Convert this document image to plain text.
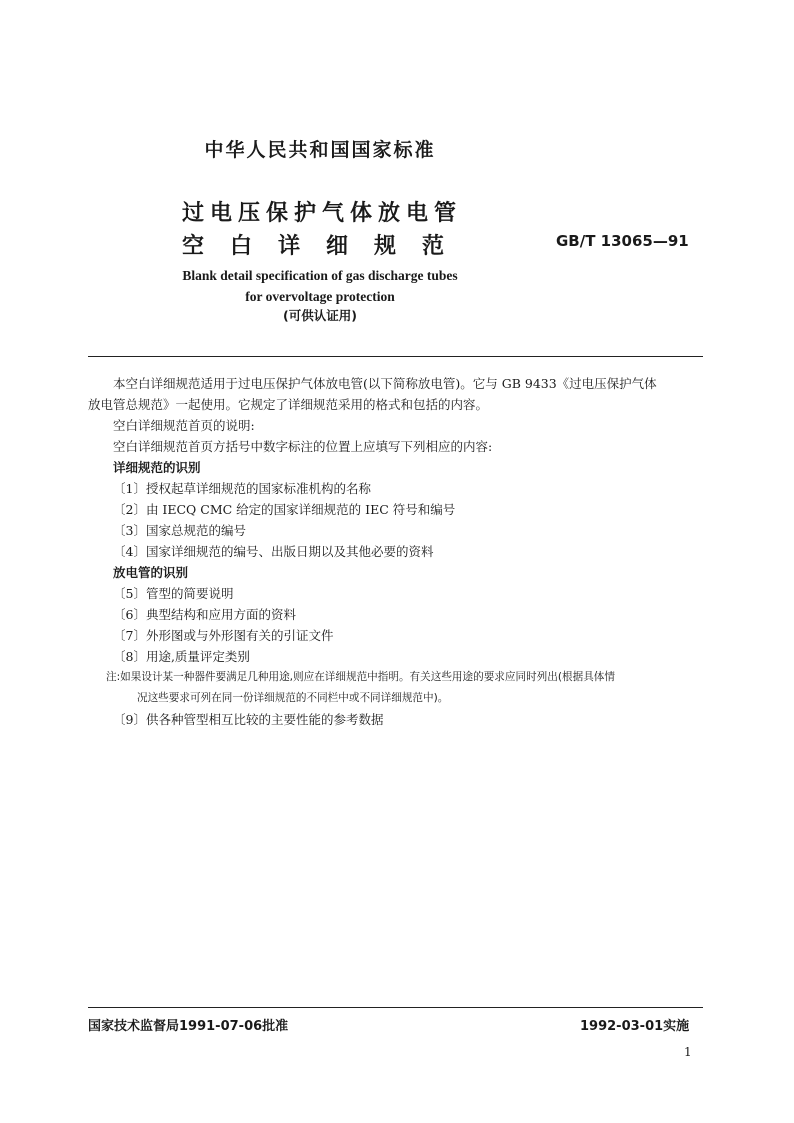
中华人民共和国国家标准
过电压保护气体放电管
空白详细规范	GB/T 13065—91
Blank detail specification of gas discharge tubes
for overvoltage protection
(可供认证用)

本空白详细规范适用于过电压保护气体放电管(以下简称放电管)。它与 GB 9433《过电压保护气体

放电管总规范》一起使用。它规定了详细规范采用的格式和包括的内容。

空白详细规范首页的说明:

空白详细规范首页方括号中数字标注的位置上应填写下列相应的内容:

详细规范的识别

〔1〕授权起草详细规范的国家标准机构的名称

〔2〕由 IECQ CMC 给定的国家详细规范的 IEC 符号和编号

〔3〕国家总规范的编号

〔4〕国家详细规范的编号、出版日期以及其他必要的资料

放电管的识别

〔5〕管型的简要说明

〔6〕典型结构和应用方面的资料

〔7〕外形图或与外形图有关的引证文件

〔8〕用途,质量评定类别

注:如果设计某一种器件要满足几种用途,则应在详细规范中指明。有关这些用途的要求应同时列出(根据具体情

况这些要求可列在同一份详细规范的不同栏中或不同详细规范中)。

〔9〕供各种管型相互比较的主要性能的参考数据

国家技术监督局1991-07-06批准	1992-03-01实施
1
